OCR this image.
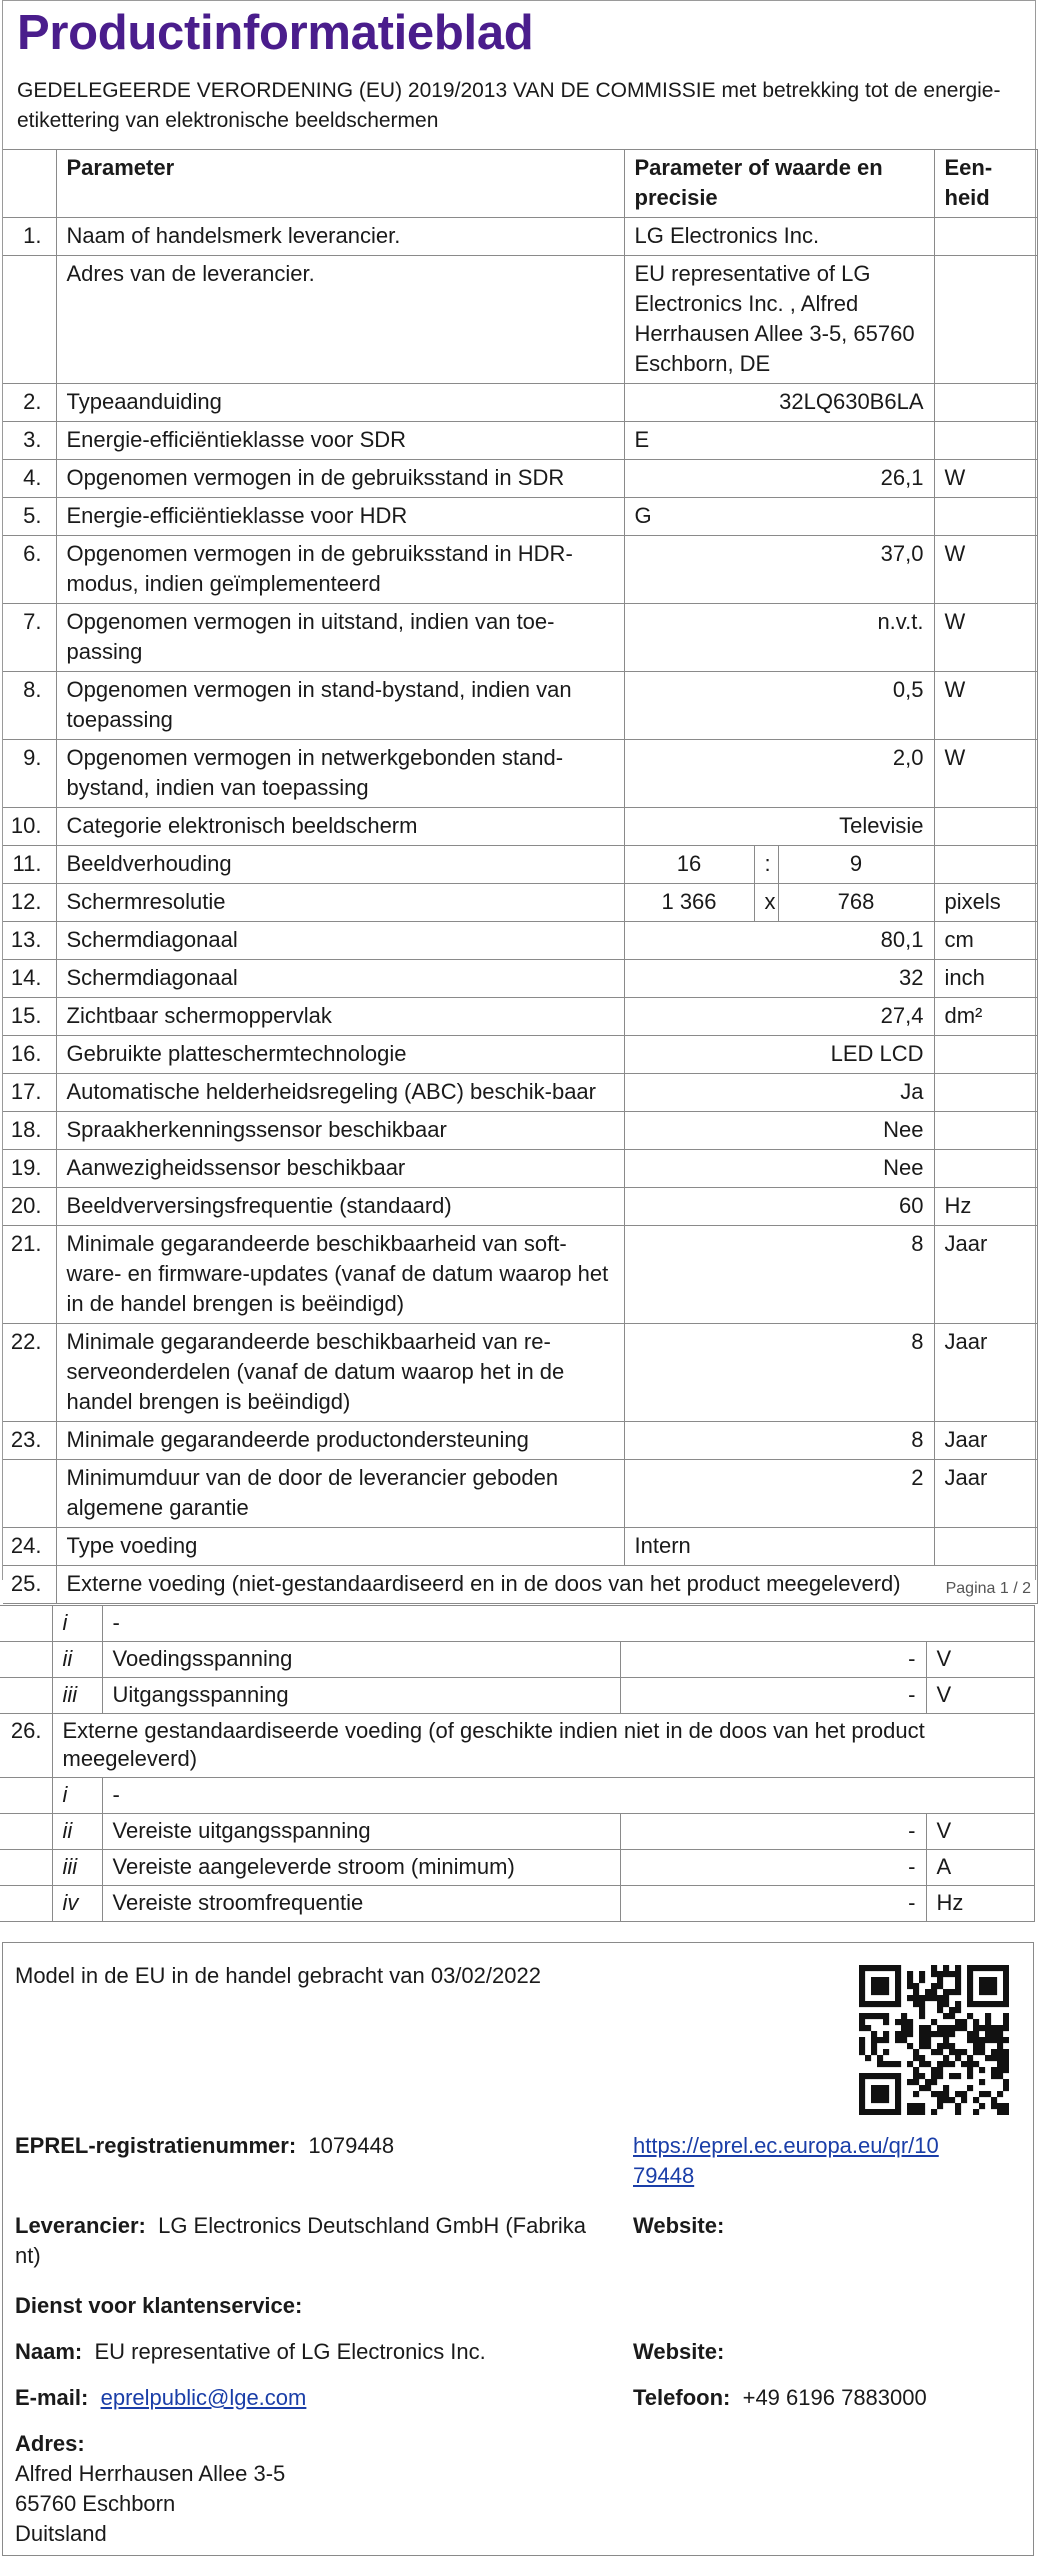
Productinformatieblad
GEDELEGEERDE VERORDENING (EU) 2019/2013 VAN DE COMMISSIE met betrekking tot de energie-etikettering van elektronische beeldschermen
	Parameter	Parameter of waarde en precisie			Een-heid
1.	Naam of handelsmerk leverancier.	LG Electronics Inc.			
	Adres van de leverancier.	EU representative of LG Electronics Inc. , Alfred Herrhausen Allee 3-5, 65760 Eschborn, DE			
2.	Typeaanduiding	32LQ630B6LA			
3.	Energie-efficiëntieklasse voor SDR	E			
4.	Opgenomen vermogen in de gebruiksstand in SDR	26,1			W
5.	Energie-efficiëntieklasse voor HDR	G			
6.	Opgenomen vermogen in de gebruiksstand in HDR-modus, indien geïmplementeerd	37,0			W
7.	Opgenomen vermogen in uitstand, indien van toe-passing	n.v.t.			W
8.	Opgenomen vermogen in stand-bystand, indien van toepassing	0,5			W
9.	Opgenomen vermogen in netwerkgebonden stand-bystand, indien van toepassing	2,0			W
10.	Categorie elektronisch beeldscherm	Televisie			
11.	Beeldverhouding	16	:	9	
12.	Schermresolutie	1 366	x	768	pixels
13.	Schermdiagonaal	80,1			cm
14.	Schermdiagonaal	32			inch
15.	Zichtbaar schermoppervlak	27,4			dm²
16.	Gebruikte platteschermtechnologie	LED LCD			
17.	Automatische helderheidsregeling (ABC) beschik-baar	Ja			
18.	Spraakherkenningssensor beschikbaar	Nee			
19.	Aanwezigheidssensor beschikbaar	Nee			
20.	Beeldverversingsfrequentie (standaard)	60			Hz
21.	Minimale gegarandeerde beschikbaarheid van soft-ware- en firmware-updates (vanaf de datum waarop het in de handel brengen is beëindigd)	8			Jaar
22.	Minimale gegarandeerde beschikbaarheid van re-serveonderdelen (vanaf de datum waarop het in de handel brengen is beëindigd)	8			Jaar
23.	Minimale gegarandeerde productondersteuning	8			Jaar
	Minimumduur van de door de leverancier geboden algemene garantie	2			Jaar
24.	Type voeding	Intern			
25.	Externe voeding (niet-gestandaardiseerd en in de doos van het product meegeleverd)					Pagina 1 / 2
	i	-		
	ii	Voedingsspanning	-	V
	iii	Uitgangsspanning	-	V
26.	Externe gestandaardiseerde voeding (of geschikte indien niet in de doos van het product meegeleverd)			
	i	-		
	ii	Vereiste uitgangsspanning	-	V
	iii	Vereiste aangeleverde stroom (minimum)	-	A
	iv	Vereiste stroomfrequentie	-	Hz
Model in de EU in de handel gebracht van 03/02/2022
EPREL-registratienummer: 1079448	https://eprel.ec.europa.eu/qr/10
79448
Leverancier: LG Electronics Deutschland GmbH (Fabrika
nt)
Website:
Dienst voor klantenservice:
Naam: EU representative of LG Electronics Inc.	Website:
E-mail: eprelpublic@lge.com	Telefoon: +49 6196 7883000
Adres:
Alfred Herrhausen Allee 3-5
65760 Eschborn
Duitsland
